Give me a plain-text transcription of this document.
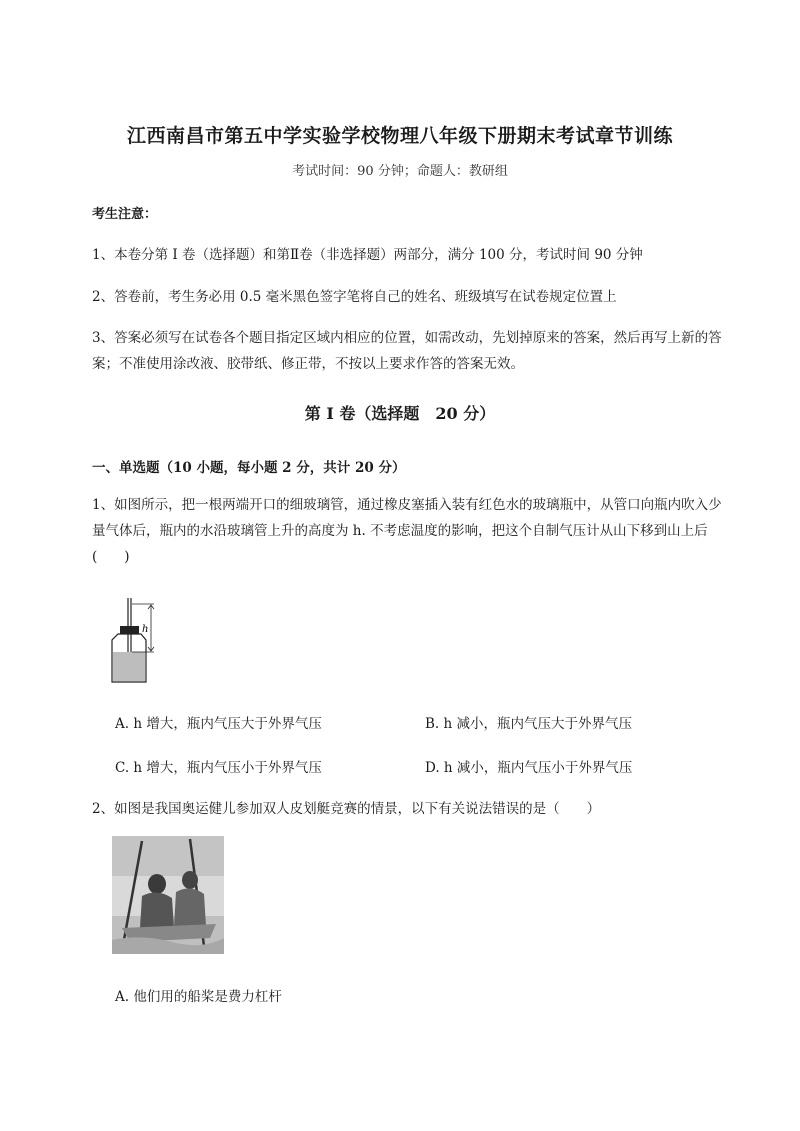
江西南昌市第五中学实验学校物理八年级下册期末考试章节训练
考试时间：90 分钟；命题人：教研组
考生注意：
1、本卷分第 I 卷（选择题）和第Ⅱ卷（非选择题）两部分，满分 100 分，考试时间 90 分钟
2、答卷前，考生务必用 0.5 毫米黑色签字笔将自己的姓名、班级填写在试卷规定位置上
3、答案必须写在试卷各个题目指定区域内相应的位置，如需改动，先划掉原来的答案，然后再写上新的答案；不准使用涂改液、胶带纸、修正带，不按以上要求作答的答案无效。
第 I 卷（选择题　20 分）
一、单选题（10 小题，每小题 2 分，共计 20 分）
1、如图所示，把一根两端开口的细玻璃管，通过橡皮塞插入装有红色水的玻璃瓶中，从管口向瓶内吹入少量气体后，瓶内的水沿玻璃管上升的高度为 h. 不考虑温度的影响，把这个自制气压计从山下移到山上后(　　)
h
A. h 增大，瓶内气压大于外界气压	B. h 减小，瓶内气压大于外界气压
C. h 增大，瓶内气压小于外界气压	D. h 减小，瓶内气压小于外界气压
2、如图是我国奥运健儿参加双人皮划艇竞赛的情景，以下有关说法错误的是（　　）
A. 他们用的船桨是费力杠杆
